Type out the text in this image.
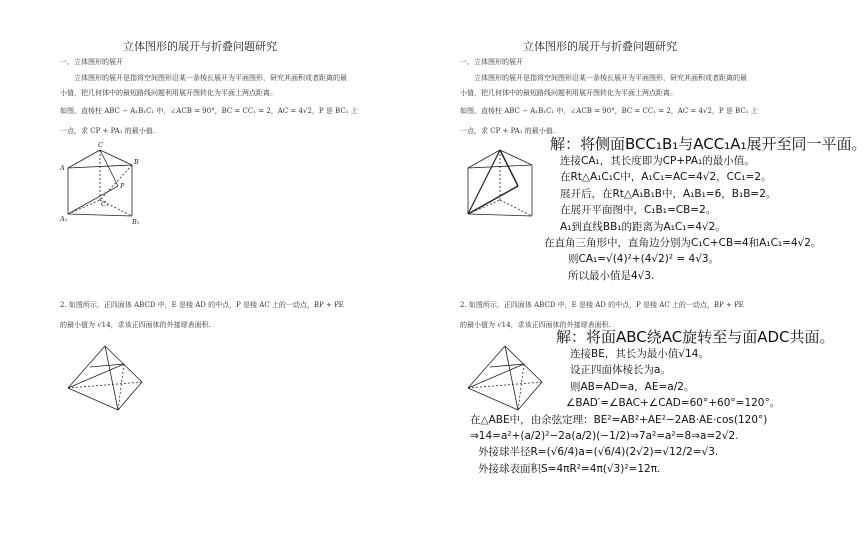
立体图形的展开与折叠问题研究
一、立体图形的展开
立体图形的展开是指将空间图形沿某一条棱长展开为平面图形，研究其面积或者距离的最小值，把几何体中的最短路线问题利用展开图转化为平面上两点距离。
如图，直棱柱 ABC − A₁B₁C₁ 中，∠ACB = 90°，BC = CC₁ = 2，AC = 4√2，P 是 BC₁ 上
一点，求 CP + PA₁ 的最小值.
A
C
B
P
C₁
A₁	B₁
2. 如图所示，正四面体 ABCD 中，E 是棱 AD 的中点，P 是棱 AC 上的一动点，BP + PE
的最小值为 √14，求该正四面体的外接球表面积.
立体图形的展开与折叠问题研究
一、立体图形的展开
立体图形的展开是指将空间图形沿某一条棱长展开为平面图形，研究其面积或者距离的最小值，把几何体中的最短路线问题利用展开图转化为平面上两点距离。
如图，直棱柱 ABC − A₁B₁C₁ 中，∠ACB = 90°，BC = CC₁ = 2，AC = 4√2，P 是 BC₁ 上
一点，求 CP + PA₁ 的最小值.
2. 如图所示，正四面体 ABCD 中，E 是棱 AD 的中点，P 是棱 AC 上的一动点，BP + PE
的最小值为 √14，求该正四面体的外接球表面积.
解：将侧面BCC₁B₁与ACC₁A₁展开至同一平面。
连接CA₁，其长度即为CP+PA₁的最小值。
在Rt△A₁C₁C中，A₁C₁=AC=4√2，CC₁=2。
展开后，在Rt△A₁B₁B中，A₁B₁=6，B₁B=2。
在展开平面图中，C₁B₁=CB=2。
A₁到直线BB₁的距离为A₁C₁=4√2。
在直角三角形中，直角边分别为C₁C+CB=4和A₁C₁=4√2。
则CA₁=√(4)²+(4√2)² = 4√3。
所以最小值是4√3.
解：将面ABC绕AC旋转至与面ADC共面。
连接BE，其长为最小值√14。
设正四面体棱长为a。
则AB=AD=a，AE=a/2。
∠BAD′=∠BAC+∠CAD=60°+60°=120°。
在△ABE中，由余弦定理：BE²=AB²+AE²−2AB·AE·cos(120°)
⇒14=a²+(a/2)²−2a(a/2)(−1/2)⇒7a²=a²=8⇒a=2√2.
外接球半径R=(√6/4)a=(√6/4)(2√2)=√12/2=√3.
外接球表面积S=4πR²=4π(√3)²=12π.
